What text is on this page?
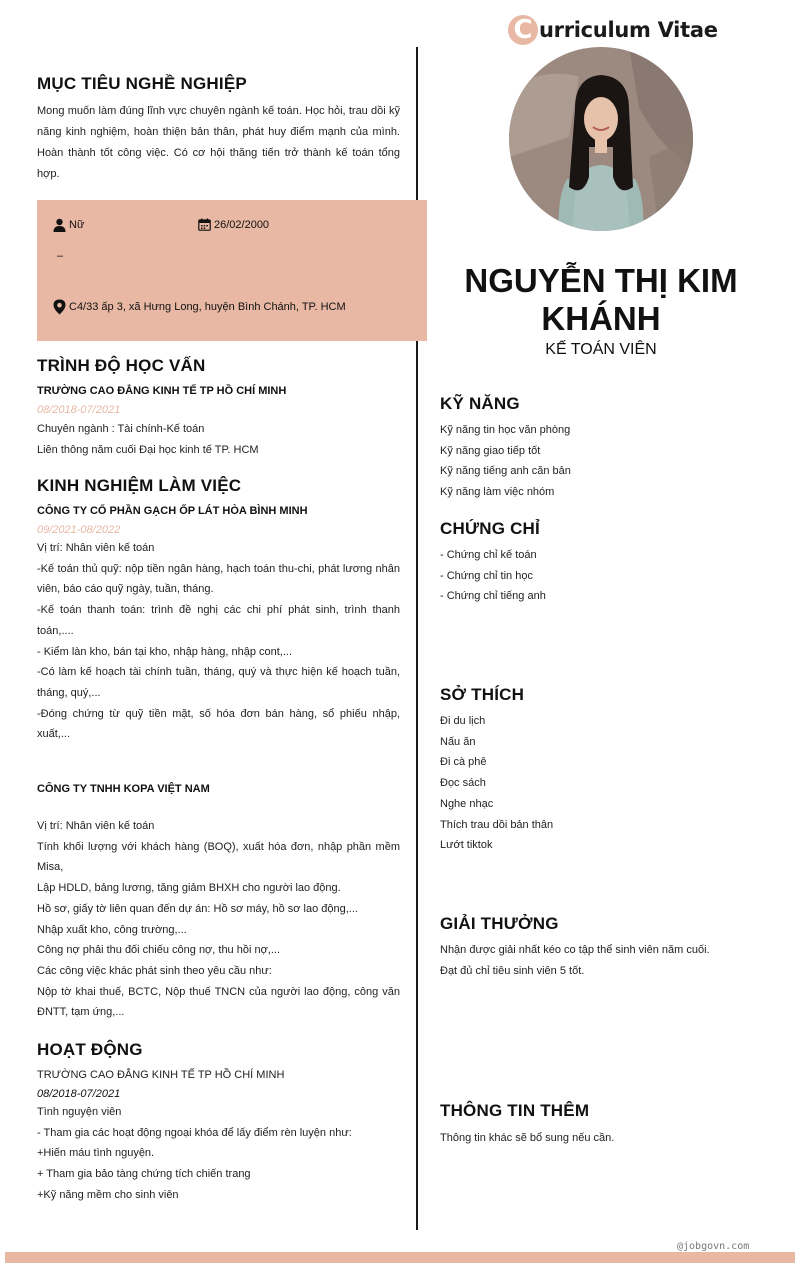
C urriculum Vitae
NGUYỄN THỊ KIM KHÁNH
KẾ TOÁN VIÊN
MỤC TIÊU NGHỀ NGHIỆP
Mong muốn làm đúng lĩnh vực chuyên ngành kế toán. Học hỏi, trau dồi kỹ năng kinh nghiệm, hoàn thiện bản thân, phát huy điểm mạnh của mình. Hoàn thành tốt công việc. Có cơ hội thăng tiến trở thành kế toán tổng hợp.
Nữ	26/02/2000
–
C4/33 ấp 3, xã Hưng Long, huyện Bình Chánh, TP. HCM
TRÌNH ĐỘ HỌC VẤN
TRƯỜNG CAO ĐẲNG KINH TẾ TP HỒ CHÍ MINH
08/2018-07/2021
Chuyên ngành : Tài chính-Kế toán
Liên thông năm cuối Đại học kinh tế TP. HCM
KINH NGHIỆM LÀM VIỆC
CÔNG TY CỔ PHẦN GẠCH ỐP LÁT HÒA BÌNH MINH
09/2021-08/2022
Vị trí: Nhân viên kế toán
-Kế toán thủ quỹ: nộp tiền ngân hàng, hạch toán thu-chi, phát lương nhân viên, báo cáo quỹ ngày, tuần, tháng.
-Kế toán thanh toán: trình đề nghị các chi phí phát sinh, trình thanh toán,....
- Kiểm làn kho, bán tại kho, nhập hàng, nhập cont,...
-Có làm kế hoạch tài chính tuần, tháng, quý và thực hiện kế hoạch tuần, tháng, quý,...
-Đóng chứng từ quỹ tiền mặt, số hóa đơn bán hàng, sổ phiếu nhập, xuất,...
CÔNG TY TNHH KOPA VIỆT NAM
Vị trí: Nhân viên kế toán
Tính khối lượng với khách hàng (BOQ), xuất hóa đơn, nhập phần mềm Misa,
Lập HDLD, bảng lương, tăng giảm BHXH cho người lao động.
Hồ sơ, giấy tờ liên quan đến dự án: Hồ sơ máy, hồ sơ lao động,...
Nhập xuất kho, công trường,...
Công nợ phải thu đối chiếu công nợ, thu hồi nợ,...
Các công việc khác phát sinh theo yêu cầu như:
Nộp tờ khai thuế, BCTC, Nộp thuế TNCN của người lao động, công văn ĐNTT, tạm ứng,...
HOẠT ĐỘNG
TRƯỜNG CAO ĐẲNG KINH TẾ TP HỒ CHÍ MINH
08/2018-07/2021
Tình nguyện viên
- Tham gia các hoạt động ngoại khóa để lấy điểm rèn luyện như:
+Hiến máu tình nguyện.
+ Tham gia bảo tàng chứng tích chiến trang
+Kỹ năng mềm cho sinh viên
KỸ NĂNG
Kỹ năng tin học văn phòng
Kỹ năng giao tiếp tốt
Kỹ năng tiếng anh căn bản
Kỹ năng làm việc nhóm
CHỨNG CHỈ
- Chứng chỉ kế toán
- Chứng chỉ tin học
- Chứng chỉ tiếng anh
SỞ THÍCH
Đi du lịch
Nấu ăn
Đi cà phê
Đọc sách
Nghe nhạc
Thích trau dồi bản thân
Lướt tiktok
GIẢI THƯỞNG
Nhận được giải nhất kéo co tập thể sinh viên năm cuối.
Đạt đủ chỉ tiêu sinh viên 5 tốt.
THÔNG TIN THÊM
Thông tin khác sẽ bổ sung nếu cần.
@jobgovn.com
